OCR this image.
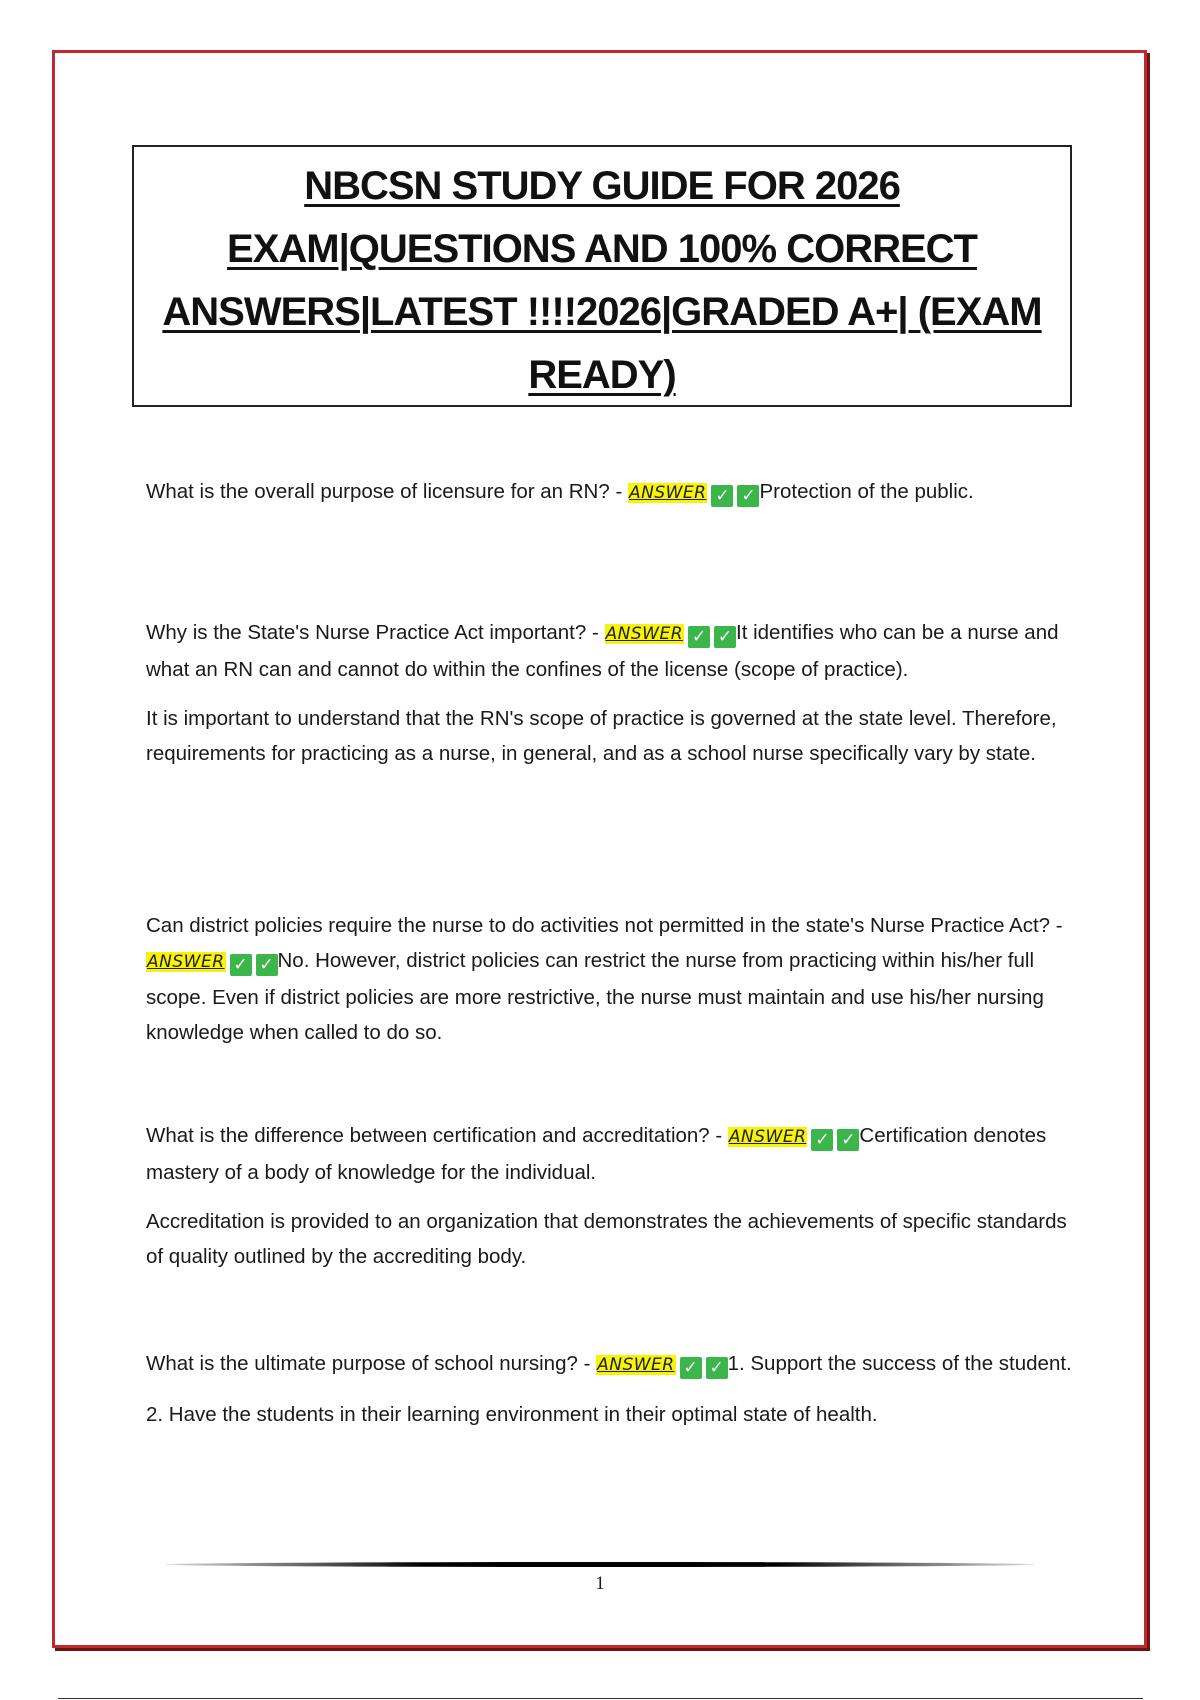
NBCSN STUDY GUIDE FOR 2026
EXAM|QUESTIONS AND 100% CORRECT
ANSWERS|LATEST !!!!2026|GRADED A+| (EXAM
READY)

What is the overall purpose of licensure for an RN? - ANSWER ✓ ✓ Protection of the public.

Why is the State's Nurse Practice Act important? - ANSWER ✓ ✓ It identifies who can be a nurse and what an RN can and cannot do within the confines of the license (scope of practice).

It is important to understand that the RN's scope of practice is governed at the state level. Therefore, requirements for practicing as a nurse, in general, and as a school nurse specifically vary by state.

Can district policies require the nurse to do activities not permitted in the state's Nurse Practice Act? - ANSWER ✓ ✓ No. However, district policies can restrict the nurse from practicing within his/her full scope. Even if district policies are more restrictive, the nurse must maintain and use his/her nursing knowledge when called to do so.

What is the difference between certification and accreditation? - ANSWER ✓ ✓ Certification denotes mastery of a body of knowledge for the individual.

Accreditation is provided to an organization that demonstrates the achievements of specific standards of quality outlined by the accrediting body.

What is the ultimate purpose of school nursing? - ANSWER ✓ ✓ 1. Support the success of the student.

2. Have the students in their learning environment in their optimal state of health.

1
